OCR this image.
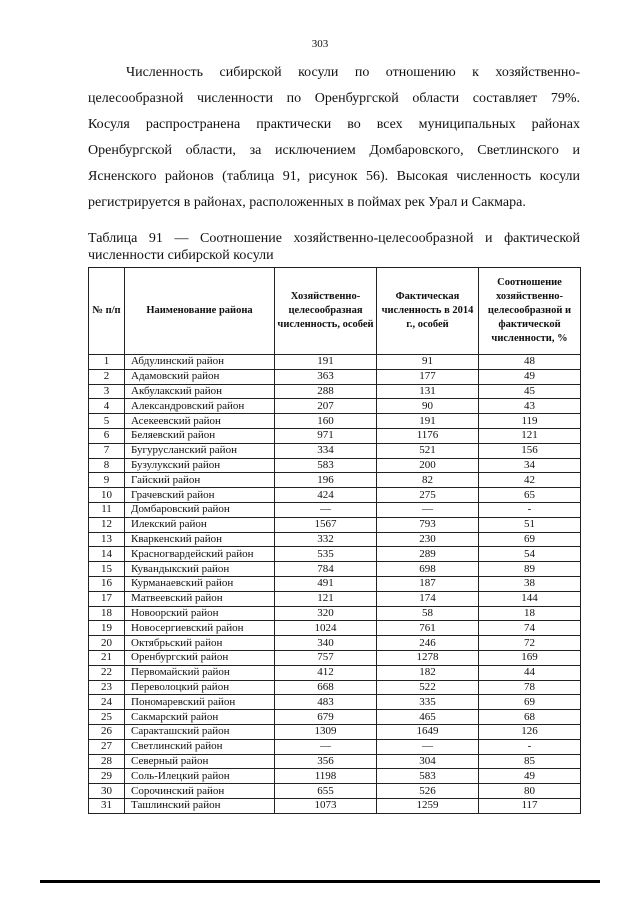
303

Численность сибирской косули по отношению к хозяйственно-
целесообразной численности по Оренбургской области составляет 79%.
Косуля распространена практически во всех муниципальных районах
Оренбургской области, за исключением Домбаровского, Светлинского и
Ясненского районов (таблица 91, рисунок 56). Высокая численность косули
регистрируется в районах, расположенных в поймах рек Урал и Сакмара.

Таблица 91 — Соотношение хозяйственно-целесообразной и фактической
численности сибирской косули

№ п/п	Наименование района	Хозяйственно-целесообразная численность, особей	Фактическая численность в 2014 г., особей	Соотношение хозяйственно-целесообразной и фактической численности, %
1	Абдулинский район	191	91	48
2	Адамовский район	363	177	49
3	Акбулакский район	288	131	45
4	Александровский район	207	90	43
5	Асекеевский район	160	191	119
6	Беляевский район	971	1176	121
7	Бугурусланский район	334	521	156
8	Бузулукский район	583	200	34
9	Гайский район	196	82	42
10	Грачевский район	424	275	65
11	Домбаровский район	—	—	-
12	Илекский район	1567	793	51
13	Кваркенский район	332	230	69
14	Красногвардейский район	535	289	54
15	Кувандыкский район	784	698	89
16	Курманаевский район	491	187	38
17	Матвеевский район	121	174	144
18	Новоорский район	320	58	18
19	Новосергиевский район	1024	761	74
20	Октябрьский район	340	246	72
21	Оренбургский район	757	1278	169
22	Первомайский район	412	182	44
23	Переволоцкий район	668	522	78
24	Пономаревский район	483	335	69
25	Сакмарский район	679	465	68
26	Саракташский район	1309	1649	126
27	Светлинский район	—	—	-
28	Северный район	356	304	85
29	Соль-Илецкий район	1198	583	49
30	Сорочинский район	655	526	80
31	Ташлинский район	1073	1259	117
